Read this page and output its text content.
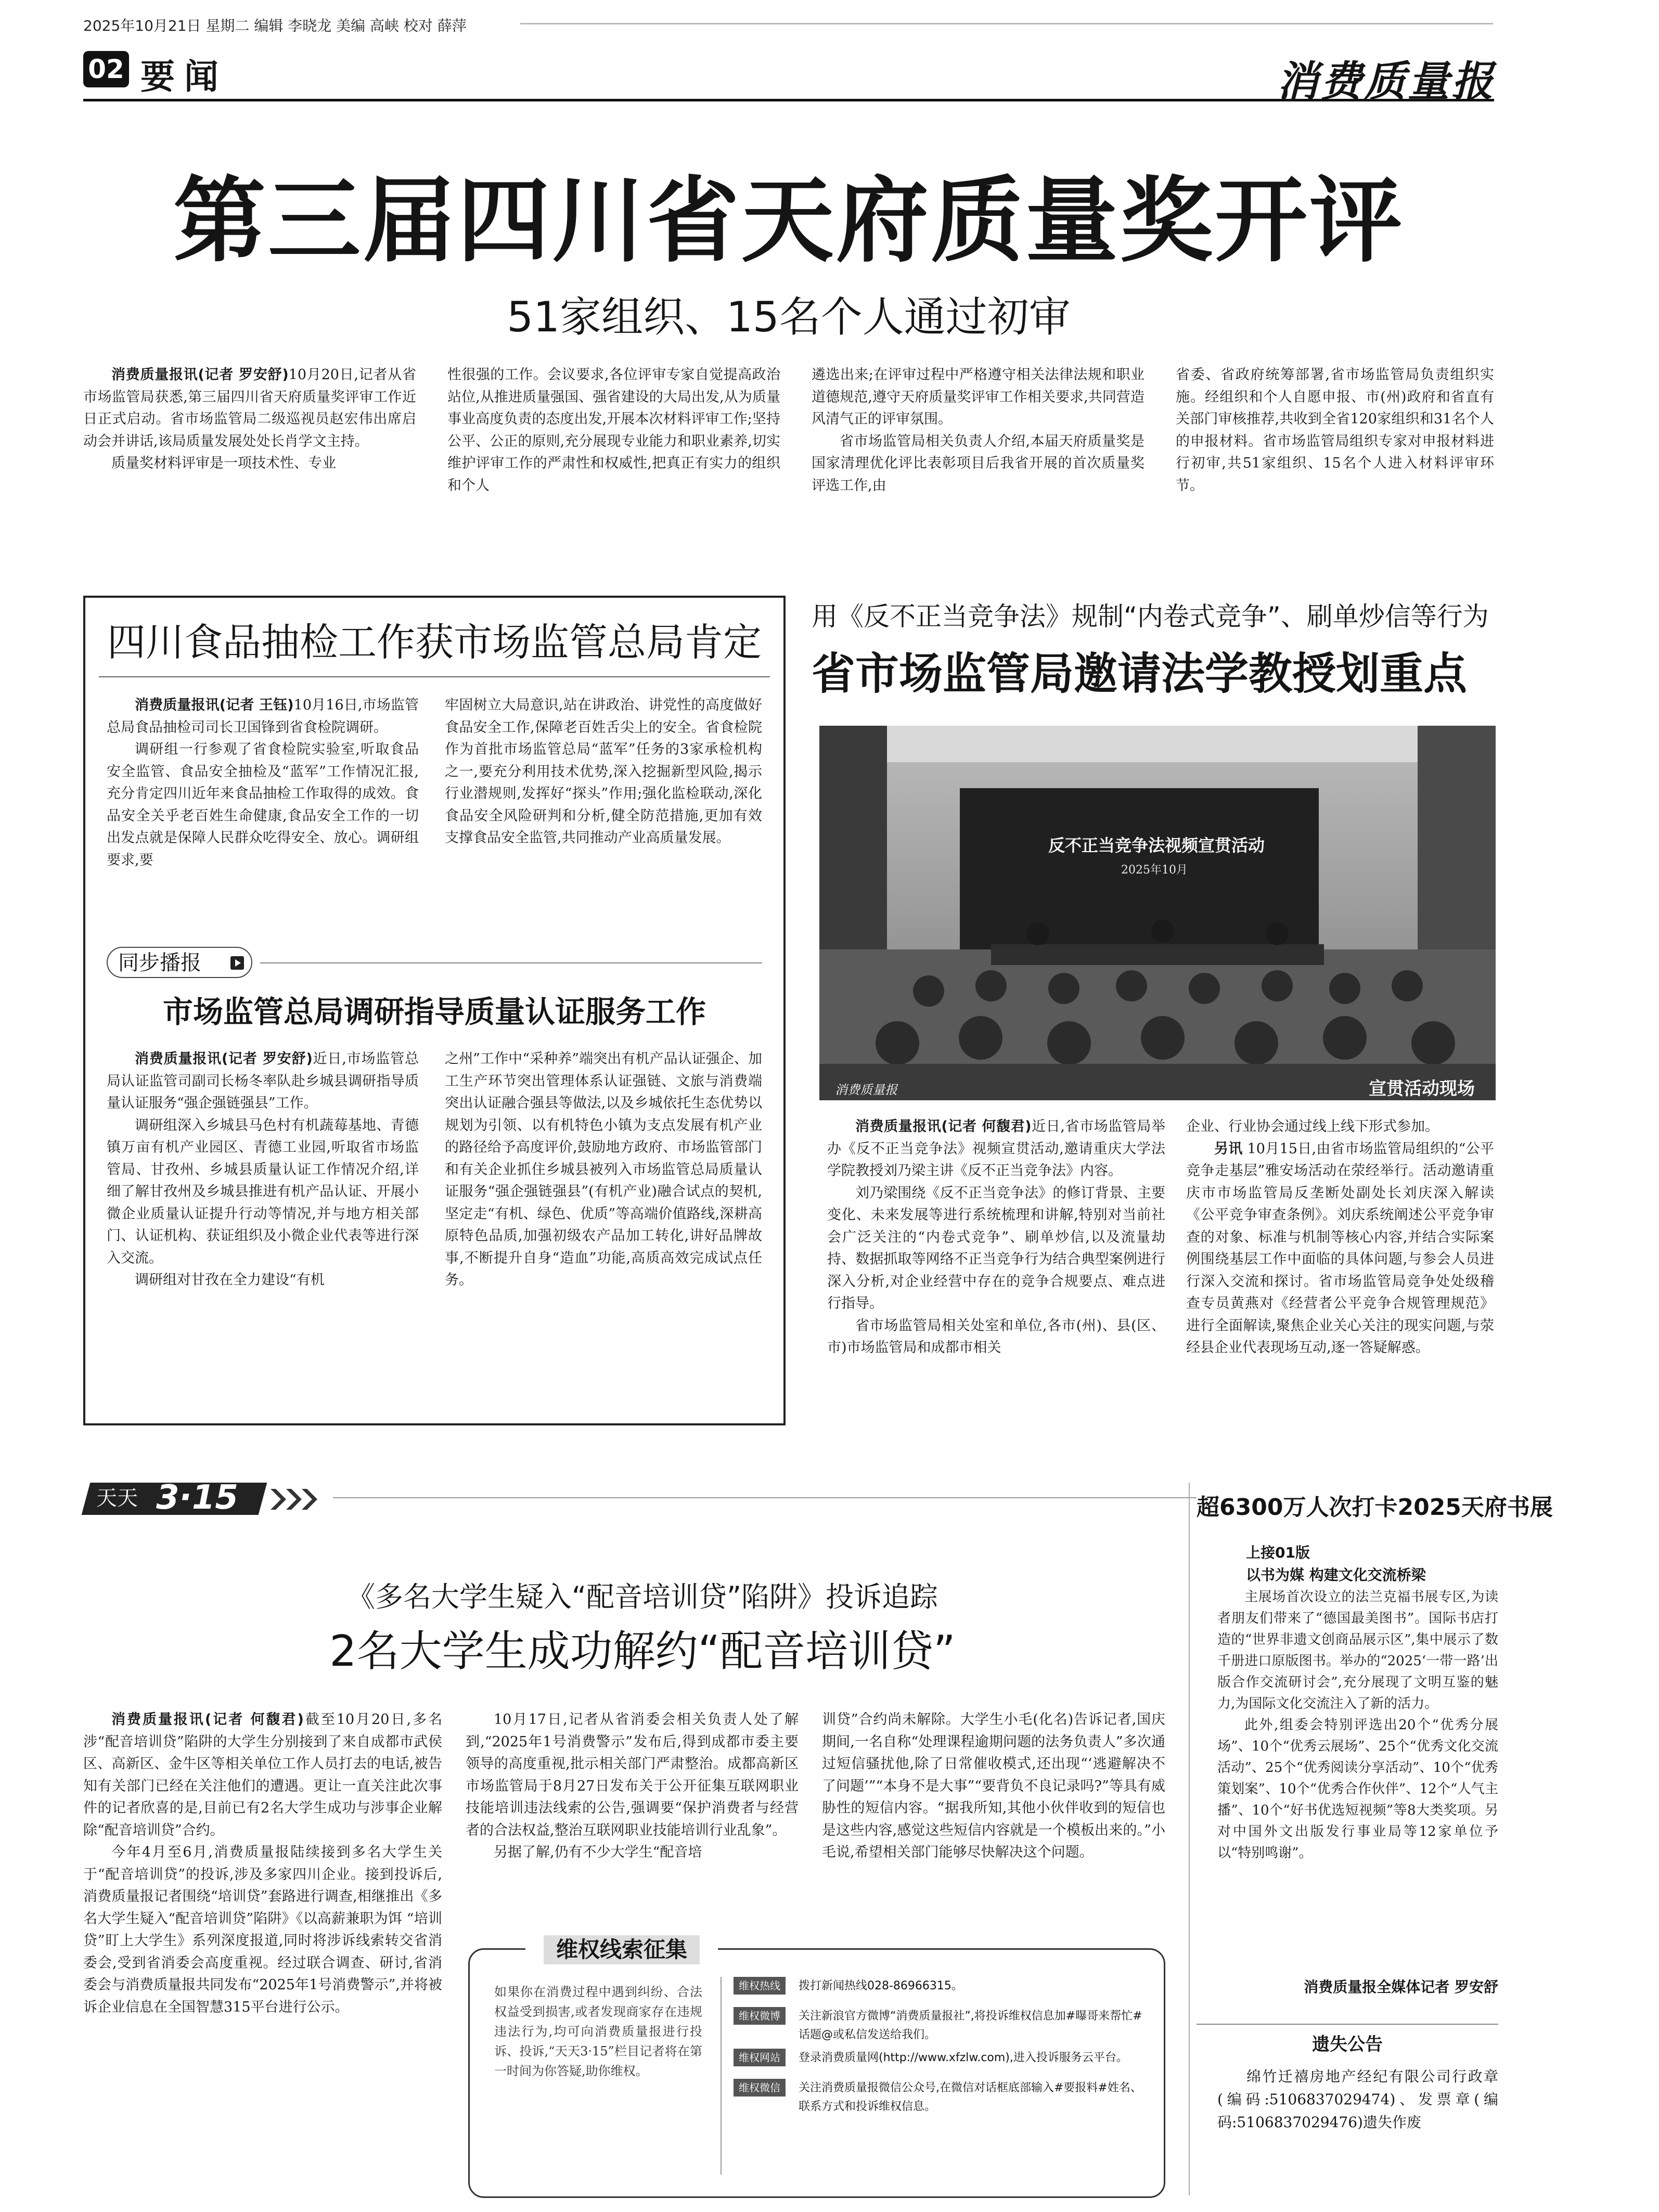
2025年10月21日 星期二 编辑 李晓龙 美编 高峡 校对 薛萍
02 要闻	消费质量报
第三届四川省天府质量奖开评
51家组织、15名个人通过初审

消费质量报讯(记者 罗安舒)10月20日,记者从省市场监管局获悉,第三届四川省天府质量奖评审工作近日正式启动。省市场监管局二级巡视员赵宏伟出席启动会并讲话,该局质量发展处处长肖学文主持。

质量奖材料评审是一项技术性、专业

性很强的工作。会议要求,各位评审专家自觉提高政治站位,从推进质量强国、强省建设的大局出发,从为质量事业高度负责的态度出发,开展本次材料评审工作;坚持公平、公正的原则,充分展现专业能力和职业素养,切实维护评审工作的严肃性和权威性,把真正有实力的组织和个人

遴选出来;在评审过程中严格遵守相关法律法规和职业道德规范,遵守天府质量奖评审工作相关要求,共同营造风清气正的评审氛围。

省市场监管局相关负责人介绍,本届天府质量奖是国家清理优化评比表彰项目后我省开展的首次质量奖评选工作,由

省委、省政府统筹部署,省市场监管局负责组织实施。经组织和个人自愿申报、市(州)政府和省直有关部门审核推荐,共收到全省120家组织和31名个人的申报材料。省市场监管局组织专家对申报材料进行初审,共51家组织、15名个人进入材料评审环节。

四川食品抽检工作获市场监管总局肯定

消费质量报讯(记者 王钰)10月16日,市场监管总局食品抽检司司长卫国锋到省食检院调研。

调研组一行参观了省食检院实验室,听取食品安全监管、食品安全抽检及“蓝军”工作情况汇报,充分肯定四川近年来食品抽检工作取得的成效。食品安全关乎老百姓生命健康,食品安全工作的一切出发点就是保障人民群众吃得安全、放心。调研组要求,要

牢固树立大局意识,站在讲政治、讲党性的高度做好食品安全工作,保障老百姓舌尖上的安全。省食检院作为首批市场监管总局“蓝军”任务的3家承检机构之一,要充分利用技术优势,深入挖掘新型风险,揭示行业潜规则,发挥好“探头”作用;强化监检联动,深化食品安全风险研判和分析,健全防范措施,更加有效支撑食品安全监管,共同推动产业高质量发展。

同步播报
市场监管总局调研指导质量认证服务工作

消费质量报讯(记者 罗安舒)近日,市场监管总局认证监管司副司长杨冬率队赴乡城县调研指导质量认证服务“强企强链强县”工作。

调研组深入乡城县马色村有机蔬莓基地、青德镇万亩有机产业园区、青德工业园,听取省市场监管局、甘孜州、乡城县质量认证工作情况介绍,详细了解甘孜州及乡城县推进有机产品认证、开展小微企业质量认证提升行动等情况,并与地方相关部门、认证机构、获证组织及小微企业代表等进行深入交流。

调研组对甘孜在全力建设“有机

之州”工作中“采种养”端突出有机产品认证强企、加工生产环节突出管理体系认证强链、文旅与消费端突出认证融合强县等做法,以及乡城依托生态优势以规划为引领、以有机特色小镇为支点发展有机产业的路径给予高度评价,鼓励地方政府、市场监管部门和有关企业抓住乡城县被列入市场监管总局质量认证服务“强企强链强县”(有机产业)融合试点的契机,坚定走“有机、绿色、优质”等高端价值路线,深耕高原特色品质,加强初级农产品加工转化,讲好品牌故事,不断提升自身“造血”功能,高质高效完成试点任务。

用《反不正当竞争法》规制“内卷式竞争”、刷单炒信等行为
省市场监管局邀请法学教授划重点
反不正当竞争法视频宣贯活动
2025年10月
消费质量报	宣贯活动现场

消费质量报讯(记者 何馥君)近日,省市场监管局举办《反不正当竞争法》视频宣贯活动,邀请重庆大学法学院教授刘乃梁主讲《反不正当竞争法》内容。

刘乃梁围绕《反不正当竞争法》的修订背景、主要变化、未来发展等进行系统梳理和讲解,特别对当前社会广泛关注的“内卷式竞争”、刷单炒信,以及流量劫持、数据抓取等网络不正当竞争行为结合典型案例进行深入分析,对企业经营中存在的竞争合规要点、难点进行指导。

省市场监管局相关处室和单位,各市(州)、县(区、市)市场监管局和成都市相关

企业、行业协会通过线上线下形式参加。

另讯 10月15日,由省市场监管局组织的“公平竞争走基层”雅安场活动在荥经举行。活动邀请重庆市市场监管局反垄断处副处长刘庆深入解读《公平竞争审查条例》。刘庆系统阐述公平竞争审查的对象、标准与机制等核心内容,并结合实际案例围绕基层工作中面临的具体问题,与参会人员进行深入交流和探讨。省市场监管局竞争处处级稽查专员黄燕对《经营者公平竞争合规管理规范》进行全面解读,聚焦企业关心关注的现实问题,与荥经县企业代表现场互动,逐一答疑解惑。

天天 3·15
《多名大学生疑入“配音培训贷”陷阱》投诉追踪
2名大学生成功解约“配音培训贷”

消费质量报讯(记者 何馥君)截至10月20日,多名涉“配音培训贷”陷阱的大学生分别接到了来自成都市武侯区、高新区、金牛区等相关单位工作人员打去的电话,被告知有关部门已经在关注他们的遭遇。更让一直关注此次事件的记者欣喜的是,目前已有2名大学生成功与涉事企业解除“配音培训贷”合约。

今年4月至6月,消费质量报陆续接到多名大学生关于“配音培训贷”的投诉,涉及多家四川企业。接到投诉后,消费质量报记者围绕“培训贷”套路进行调查,相继推出《多名大学生疑入“配音培训贷”陷阱》《以高薪兼职为饵 “培训贷”盯上大学生》系列深度报道,同时将涉诉线索转交省消委会,受到省消委会高度重视。经过联合调查、研讨,省消委会与消费质量报共同发布“2025年1号消费警示”,并将被诉企业信息在全国智慧315平台进行公示。

10月17日,记者从省消委会相关负责人处了解到,“2025年1号消费警示”发布后,得到成都市委主要领导的高度重视,批示相关部门严肃整治。成都高新区市场监管局于8月27日发布关于公开征集互联网职业技能培训违法线索的公告,强调要“保护消费者与经营者的合法权益,整治互联网职业技能培训行业乱象”。

另据了解,仍有不少大学生“配音培

训贷”合约尚未解除。大学生小毛(化名)告诉记者,国庆期间,一名自称“处理课程逾期问题的法务负责人”多次通过短信骚扰他,除了日常催收模式,还出现“‘逃避解决不了问题’”“本身不是大事”“要背负不良记录吗?”等具有威胁性的短信内容。“据我所知,其他小伙伴收到的短信也是这些内容,感觉这些短信内容就是一个模板出来的。”小毛说,希望相关部门能够尽快解决这个问题。

维权线索征集
如果你在消费过程中遇到纠纷、合法权益受到损害,或者发现商家存在违规违法行为,均可向消费质量报进行投诉、投诉,“天天3·15”栏目记者将在第一时间为你答疑,助你维权。
维权热线	拨打新闻热线028-86966315。
维权微博	关注新浪官方微博“消费质量报社”,将投诉维权信息加#曝哥来帮忙#话题@或私信发送给我们。
维权网站	登录消费质量网(http://www.xfzlw.com),进入投诉服务云平台。
维权微信	关注消费质量报微信公众号,在微信对话框底部输入#要报料#姓名、联系方式和投诉维权信息。
超6300万人次打卡2025天府书展
上接01版
以书为媒 构建文化交流桥梁

主展场首次设立的法兰克福书展专区,为读者朋友们带来了“德国最美图书”。国际书店打造的“世界非遗文创商品展示区”,集中展示了数千册进口原版图书。举办的“2025‘一带一路’出版合作交流研讨会”,充分展现了文明互鉴的魅力,为国际文化交流注入了新的活力。

此外,组委会特别评选出20个“优秀分展场”、10个“优秀云展场”、25个“优秀文化交流活动”、25个“优秀阅读分享活动”、10个“优秀策划案”、10个“优秀合作伙伴”、12个“人气主播”、10个“好书优选短视频”等8大类奖项。另对中国外文出版发行事业局等12家单位予以“特别鸣谢”。

消费质量报全媒体记者 罗安舒
遗失公告
绵竹迁禧房地产经纪有限公司行政章(编码:5106837029474)、发票章(编码:5106837029476)遗失作废
